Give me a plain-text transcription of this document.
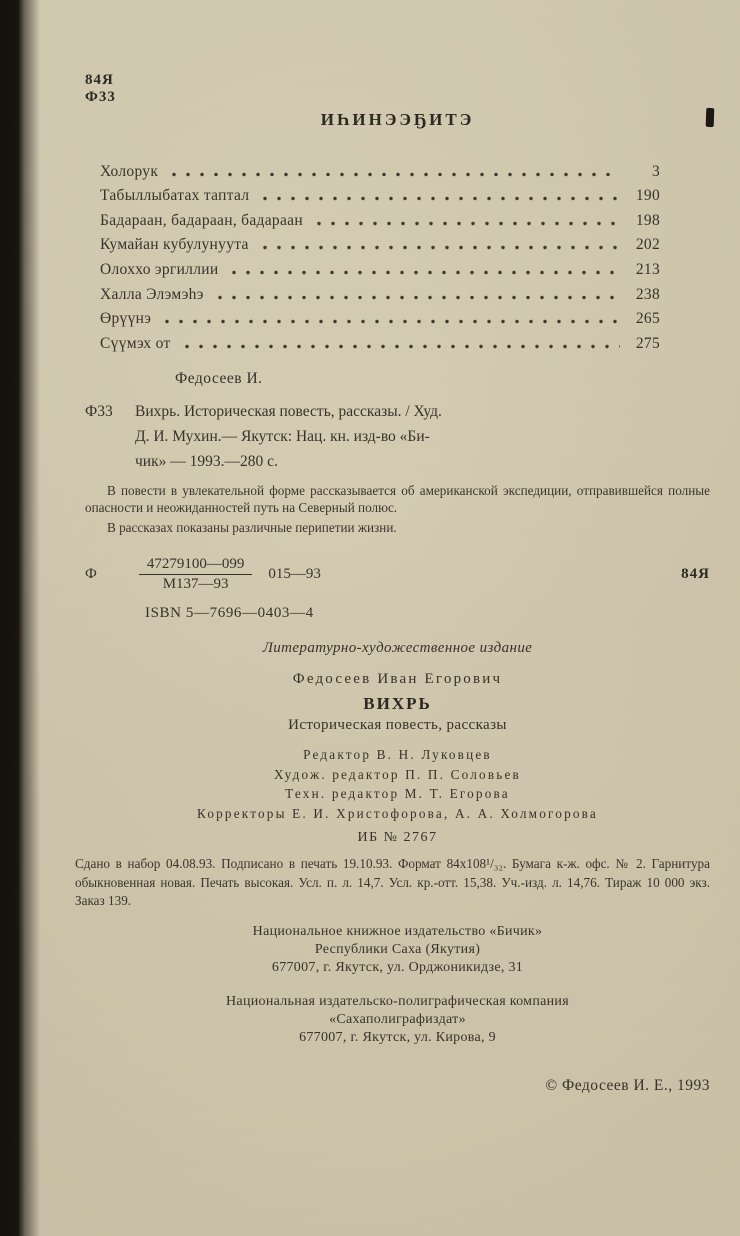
84Я
Ф33
ИҺИНЭЭҔИТЭ
Холорук	3
Табыллыбатах таптал	190
Бадараан, бадараан, бадараан	198
Кумайан кубулунуута	202
Олоххо эргиллии	213
Халла Элэмэһэ	238
Өрүүнэ	265
Сүүмэх от	275
Федосеев И.
Ф33	Вихрь. Историческая повесть, рассказы. / Худ.
Д. И. Мухин.— Якутск: Нац. кн. изд-во «Би-
чик» — 1993.—280 с.

В повести в увлекательной форме рассказывается об американской экспедиции, отправившейся полные опасности и неожиданностей путь на Северный полюс.

В рассказах показаны различные перипетии жизни.

Ф	$\frac{47279100—099}{М137—93}$ 015—93	84Я
ISBN 5—7696—0403—4
Литературно-художественное издание
Федосеев Иван Егорович
ВИХРЬ
Историческая повесть, рассказы
Редактор В. Н. Луковцев
Худож. редактор П. П. Соловьев
Техн. редактор М. Т. Егорова
Корректоры Е. И. Христофорова, А. А. Холмогорова
ИБ № 2767
Сдано в набор 04.08.93. Подписано в печать 19.10.93. Формат 84х108¹/₃₂. Бумага к-ж. офс. № 2. Гарнитура обыкновенная новая. Печать высокая. Усл. п. л. 14,7. Усл. кр.-отт. 15,38. Уч.-изд. л. 14,76. Тираж 10 000 экз. Заказ 139.
Национальное книжное издательство «Бичик»
Республики Саха (Якутия)
677007, г. Якутск, ул. Орджоникидзе, 31
Национальная издательско-полиграфическая компания
«Сахаполиграфиздат»
677007, г. Якутск, ул. Кирова, 9
© Федосеев И. Е., 1993
